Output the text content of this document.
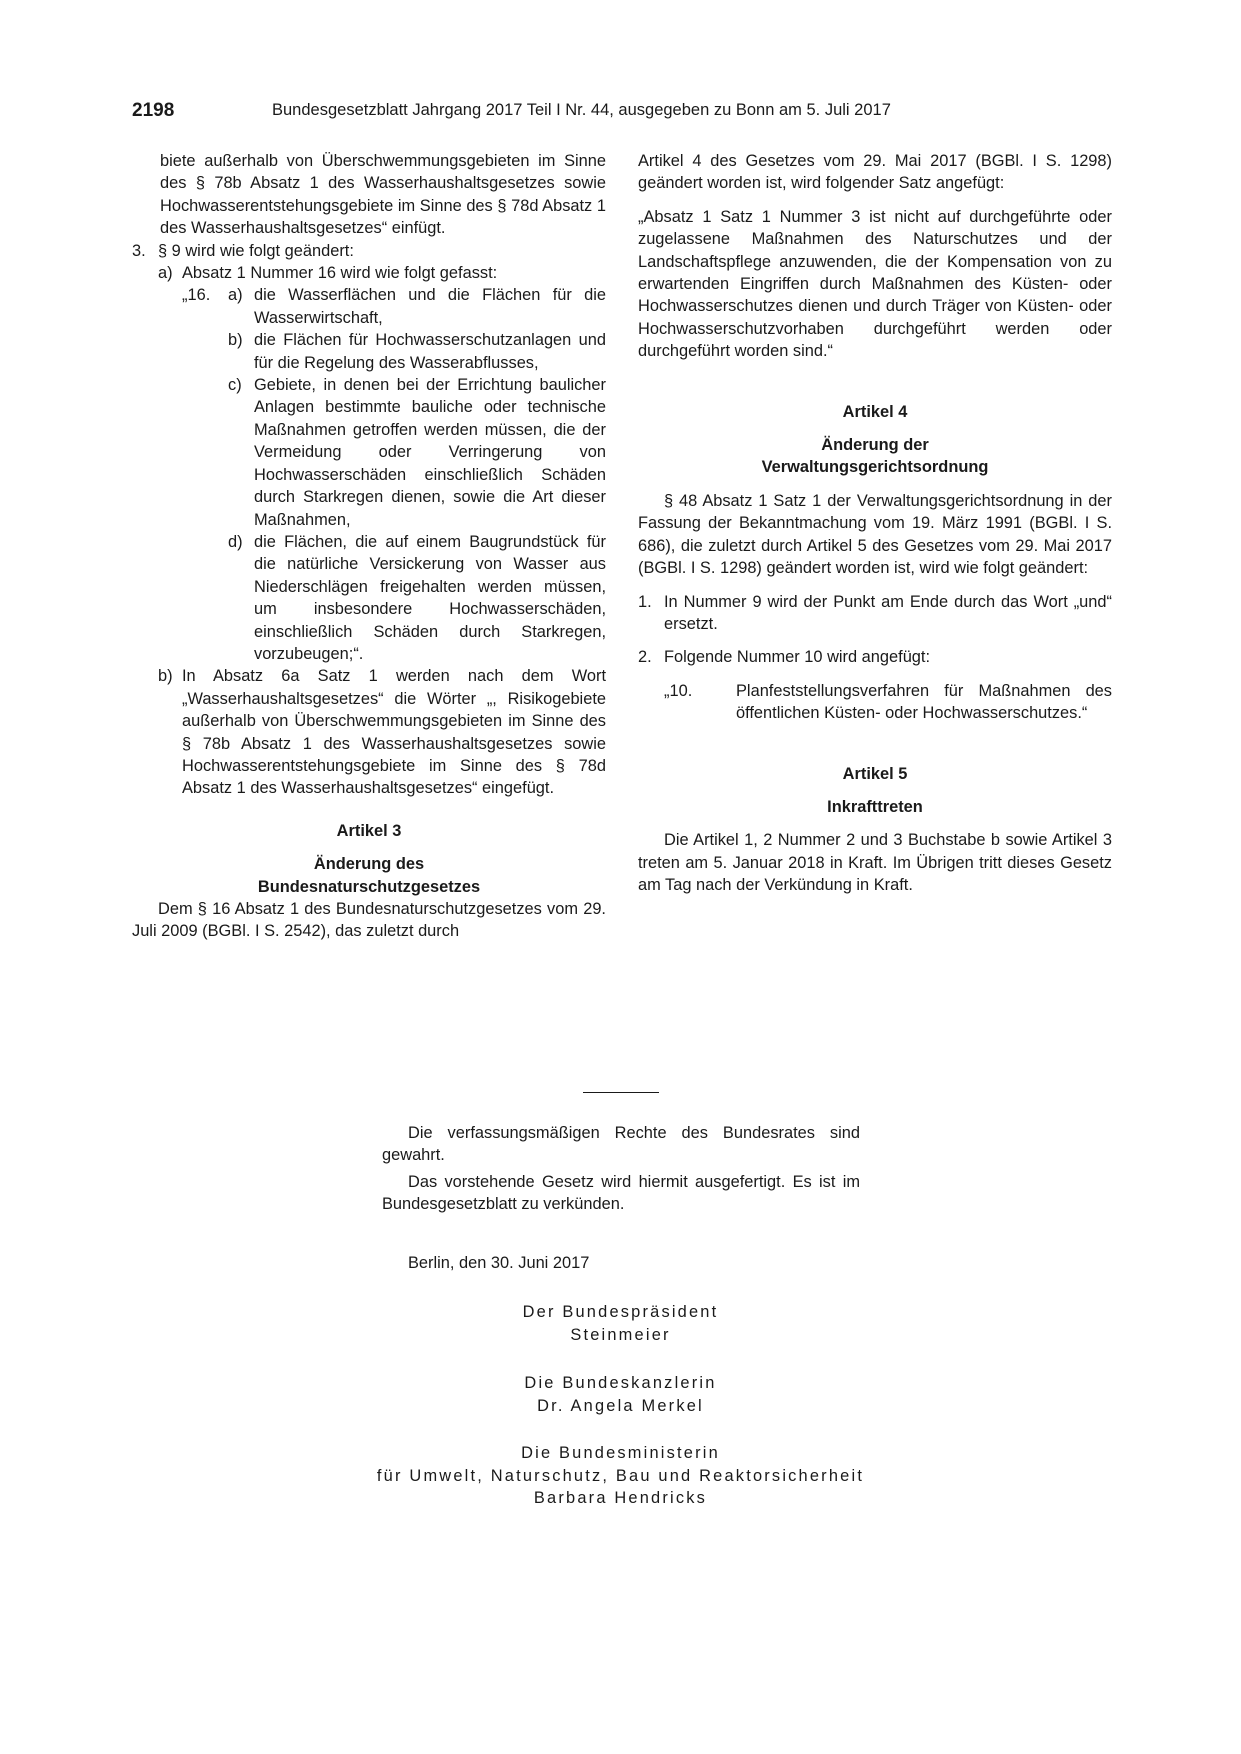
2198	Bundesgesetzblatt Jahrgang 2017 Teil I Nr. 44, ausgegeben zu Bonn am 5. Juli 2017

biete außerhalb von Überschwemmungsgebieten im Sinne des § 78b Absatz 1 des Wasserhaushaltsgesetzes sowie Hochwasserentstehungsgebiete im Sinne des § 78d Absatz 1 des Wasserhaushaltsgesetzes“ einfügt.

3. § 9 wird wie folgt geändert:
a) Absatz 1 Nummer 16 wird wie folgt gefasst:
„16. a) die Wasserflächen und die Flächen für die Wasserwirtschaft,
b) die Flächen für Hochwasserschutzanlagen und für die Regelung des Wasserabflusses,
c) Gebiete, in denen bei der Errichtung baulicher Anlagen bestimmte bauliche oder technische Maßnahmen getroffen werden müssen, die der Vermeidung oder Verringerung von Hochwasserschäden einschließlich Schäden durch Starkregen dienen, sowie die Art dieser Maßnahmen,
d) die Flächen, die auf einem Baugrundstück für die natürliche Versickerung von Wasser aus Niederschlägen freigehalten werden müssen, um insbesondere Hochwasserschäden, einschließlich Schäden durch Starkregen, vorzubeugen;“.
b) In Absatz 6a Satz 1 werden nach dem Wort „Wasserhaushaltsgesetzes“ die Wörter „, Risikogebiete außerhalb von Überschwemmungsgebieten im Sinne des § 78b Absatz 1 des Wasserhaushaltsgesetzes sowie Hochwasserentstehungsgebiete im Sinne des § 78d Absatz 1 des Wasserhaushaltsgesetzes“ eingefügt.

Artikel 3

Änderung des

Bundesnaturschutzgesetzes

Dem § 16 Absatz 1 des Bundesnaturschutzgesetzes vom 29. Juli 2009 (BGBl. I S. 2542), das zuletzt durch

Artikel 4 des Gesetzes vom 29. Mai 2017 (BGBl. I S. 1298) geändert worden ist, wird folgender Satz angefügt:

„Absatz 1 Satz 1 Nummer 3 ist nicht auf durchgeführte oder zugelassene Maßnahmen des Naturschutzes und der Landschaftspflege anzuwenden, die der Kompensation von zu erwartenden Eingriffen durch Maßnahmen des Küsten- oder Hochwasserschutzes dienen und durch Träger von Küsten- oder Hochwasserschutzvorhaben durchgeführt werden oder durchgeführt worden sind.“

Artikel 4

Änderung der

Verwaltungsgerichtsordnung

§ 48 Absatz 1 Satz 1 der Verwaltungsgerichtsordnung in der Fassung der Bekanntmachung vom 19. März 1991 (BGBl. I S. 686), die zuletzt durch Artikel 5 des Gesetzes vom 29. Mai 2017 (BGBl. I S. 1298) geändert worden ist, wird wie folgt geändert:

1. In Nummer 9 wird der Punkt am Ende durch das Wort „und“ ersetzt.
2. Folgende Nummer 10 wird angefügt:
„10.	Planfeststellungsverfahren für Maßnahmen des öffentlichen Küsten- oder Hochwasserschutzes.“

Artikel 5

Inkrafttreten

Die Artikel 1, 2 Nummer 2 und 3 Buchstabe b sowie Artikel 3 treten am 5. Januar 2018 in Kraft. Im Übrigen tritt dieses Gesetz am Tag nach der Verkündung in Kraft.

Die verfassungsmäßigen Rechte des Bundesrates sind gewahrt.

Das vorstehende Gesetz wird hiermit ausgefertigt. Es ist im Bundesgesetzblatt zu verkünden.

Berlin, den 30. Juni 2017

Der Bundespräsident
Steinmeier
Die Bundeskanzlerin
Dr. Angela Merkel
Die Bundesministerin
für Umwelt, Naturschutz, Bau und Reaktorsicherheit
Barbara Hendricks
